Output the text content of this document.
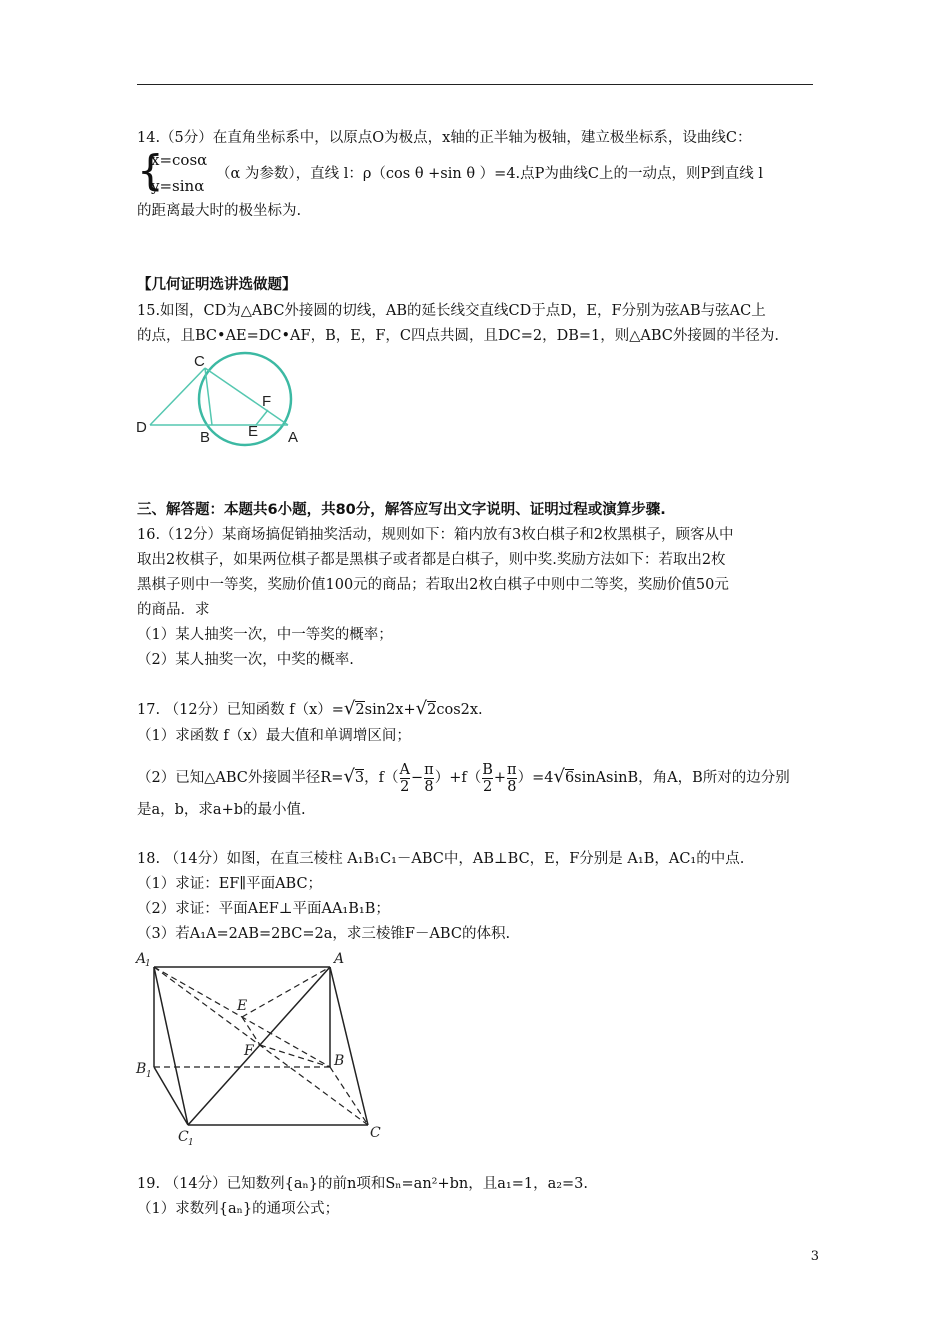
14.（5分）在直角坐标系中，以原点O为极点，x轴的正半轴为极轴，建立极坐标系，设曲线C：
{
x=cosα
y=sinα
（α 为参数），直线 l：ρ（cos θ +sin θ ）=4.点P为曲线C上的一动点，则P到直线 l
的距离最大时的极坐标为.
【几何证明选讲选做题】
15.如图，CD为△ABC外接圆的切线，AB的延长线交直线CD于点D，E，F分别为弦AB与弦AC上
的点，且BC•AE=DC•AF，B，E，F，C四点共圆，且DC=2，DB=1，则△ABC外接圆的半径为.
C
D
B	E
F
A
三、解答题：本题共6小题，共80分，解答应写出文字说明、证明过程或演算步骤.
16.（12分）某商场搞促销抽奖活动，规则如下：箱内放有3枚白棋子和2枚黑棋子，顾客从中
取出2枚棋子，如果两位棋子都是黑棋子或者都是白棋子，则中奖.奖励方法如下：若取出2枚
黑棋子则中一等奖，奖励价值100元的商品；若取出2枚白棋子中则中二等奖，奖励价值50元
的商品．求
（1）某人抽奖一次，中一等奖的概率；
（2）某人抽奖一次，中奖的概率.
17. （12分）已知函数 f（x）=√2sin2x+√2cos2x.
（1）求函数 f（x）最大值和单调增区间；
（2）已知△ABC外接圆半径R=√3，$f( \frac{A}{2} - \frac{\pi}{8} )+f( \frac{B}{2} + \frac{\pi}{8}$ ）=4√6sinAsinB，角A，B所对的边分别
是a，b，求a+b的最小值.
18. （14分）如图，在直三棱柱 A₁B₁C₁－ABC中，AB⊥BC，E，F分别是 A₁B，AC₁的中点.
（1）求证：EF∥平面ABC；
（2）求证：平面AEF⊥平面AA₁B₁B；
（3）若A₁A=2AB=2BC=2a，求三棱锥F－ABC的体积.
A
1	A
E
F
B
B 1
C 1
C
19. （14分）已知数列{aₙ}的前n项和Sₙ=an²+bn，且a₁=1，a₂=3.
（1）求数列{aₙ}的通项公式；
3
